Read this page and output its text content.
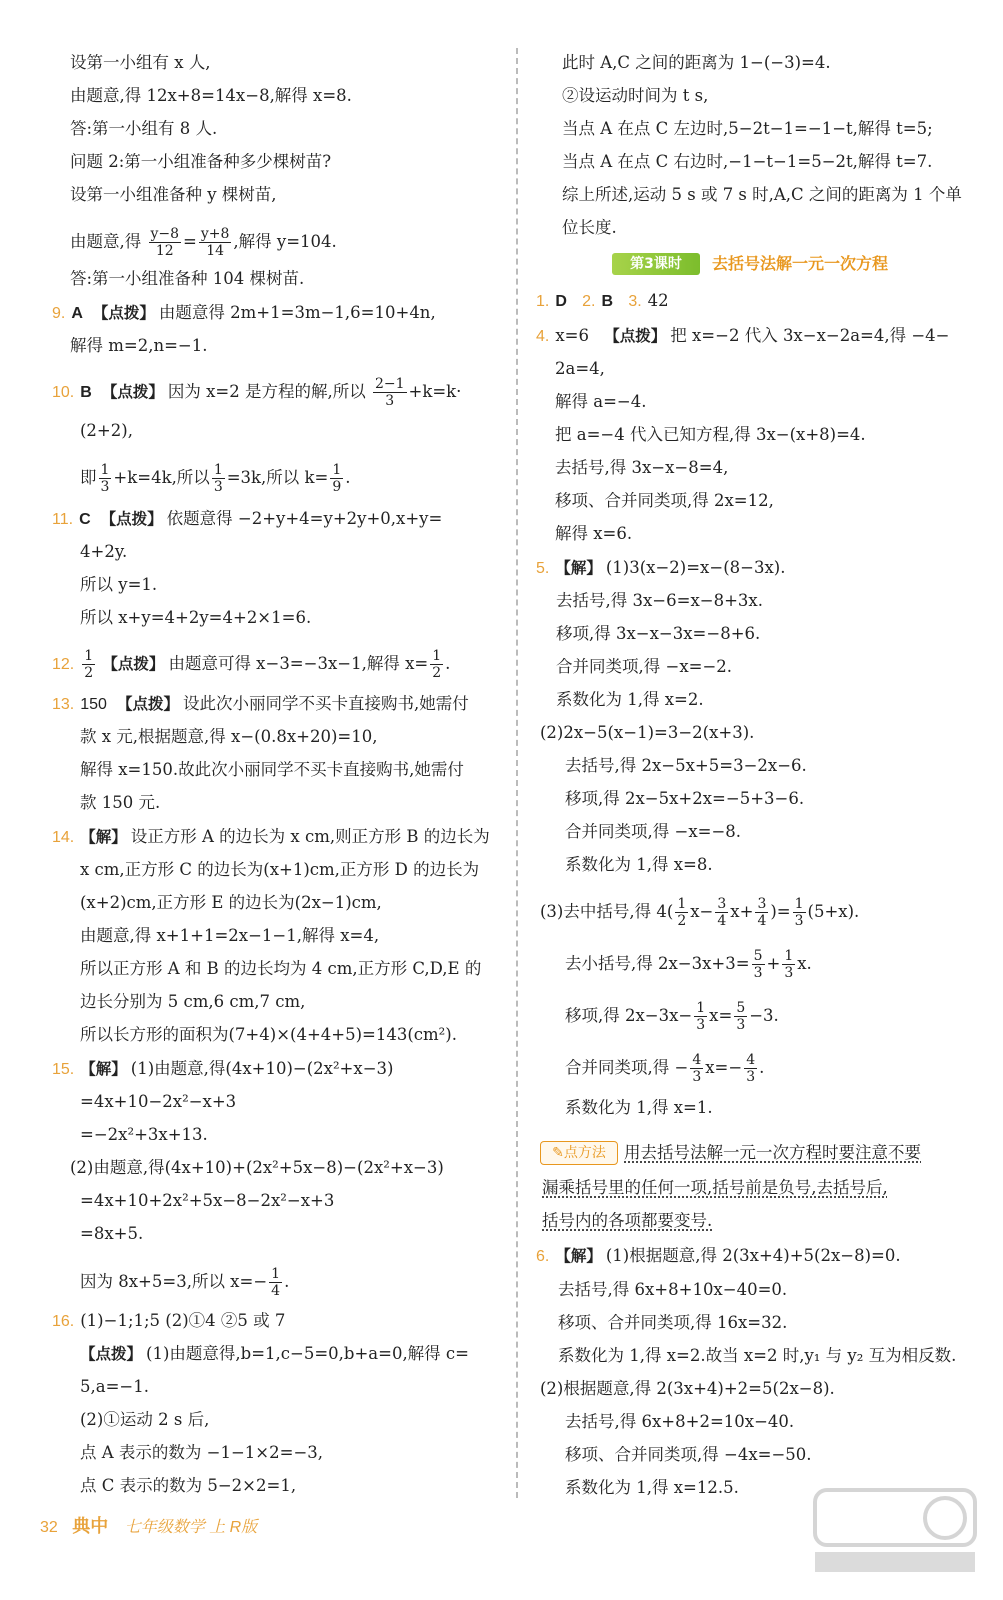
设第一小组有 x 人,
由题意,得 12x+8=14x−8,解得 x=8.
答:第一小组有 8 人.
问题 2:第一小组准备种多少棵树苗?
设第一小组准备种 y 棵树苗,
由题意,得 $\frac{y-8}{12} = \frac{y+8}{14}$ ,解得 y=104.
答:第一小组准备种 104 棵树苗.
9. A 【点拨】 由题意得 2m+1=3m−1,6=10+4n,
解得 m=2,n=−1.
10. B 【点拨】 因为 x=2 是方程的解,所以 $\frac{2-1}{3} +k=k\cdot$
(2+2),
即 $\frac{1}{3} +k=4k$,所以 $\frac{1}{3} =3k$,所以 $k= \frac{1}{9}$ .
11. C 【点拨】 依题意得 −2+y+4=y+2y+0,x+y=
4+2y.
所以 y=1.
所以 x+y=4+2y=4+2×1=6.
12. $\frac{1}{2}$ 【点拨】 由题意可得 x−3=−3x−1,解得 $x= \frac{1}{2}$ .
13. 150 【点拨】 设此次小丽同学不买卡直接购书,她需付
款 x 元,根据题意,得 x−(0.8x+20)=10,
解得 x=150.故此次小丽同学不买卡直接购书,她需付
款 150 元.
14. 【解】 设正方形 A 的边长为 x cm,则正方形 B 的边长为
x cm,正方形 C 的边长为(x+1)cm,正方形 D 的边长为
(x+2)cm,正方形 E 的边长为(2x−1)cm,
由题意,得 x+1+1=2x−1−1,解得 x=4,
所以正方形 A 和 B 的边长均为 4 cm,正方形 C,D,E 的
边长分别为 5 cm,6 cm,7 cm,
所以长方形的面积为(7+4)×(4+4+5)=143(cm²).
15. 【解】 (1)由题意,得(4x+10)−(2x²+x−3)
=4x+10−2x²−x+3
=−2x²+3x+13.
(2)由题意,得(4x+10)+(2x²+5x−8)−(2x²+x−3)
=4x+10+2x²+5x−8−2x²−x+3
=8x+5.
因为 8x+5=3,所以 $x=- \frac{1}{4}$ .
16. (1)−1;1;5 (2)①4 ②5 或 7
【点拨】 (1)由题意得,b=1,c−5=0,b+a=0,解得 c=
5,a=−1.
(2)①运动 2 s 后,
点 A 表示的数为 −1−1×2=−3,
点 C 表示的数为 5−2×2=1,
此时 A,C 之间的距离为 1−(−3)=4.
②设运动时间为 t s,
当点 A 在点 C 左边时,5−2t−1=−1−t,解得 t=5;
当点 A 在点 C 右边时,−1−t−1=5−2t,解得 t=7.
综上所述,运动 5 s 或 7 s 时,A,C 之间的距离为 1 个单
位长度.
第3课时	去括号法解一元一次方程
1. D 2. B 3. 42
4. x=6 【点拨】 把 x=−2 代入 3x−x−2a=4,得 −4−
2a=4,
解得 a=−4.
把 a=−4 代入已知方程,得 3x−(x+8)=4.
去括号,得 3x−x−8=4,
移项、合并同类项,得 2x=12,
解得 x=6.
5. 【解】 (1)3(x−2)=x−(8−3x).
去括号,得 3x−6=x−8+3x.
移项,得 3x−x−3x=−8+6.
合并同类项,得 −x=−2.
系数化为 1,得 x=2.
(2)2x−5(x−1)=3−2(x+3).
去括号,得 2x−5x+5=3−2x−6.
移项,得 2x−5x+2x=−5+3−6.
合并同类项,得 −x=−8.
系数化为 1,得 x=8.
(3)去中括号,得 $4( \frac{1}{2} x- \frac{3}{4} x+ \frac{3}{4}$ )= $\frac{1}{3} (5+x)$.
去小括号,得 $2x-3x+3= \frac{5}{3} + \frac{1}{3} x$.
移项,得 $2x-3x- \frac{1}{3} x= \frac{5}{3} -3$.
合并同类项,得 − $\frac{4}{3} x=- \frac{4}{3}$ .
系数化为 1,得 x=1.
✎点方法	用去括号法解一元一次方程时要注意不要
漏乘括号里的任何一项,括号前是负号,去括号后,
括号内的各项都要变号.
6. 【解】 (1)根据题意,得 2(3x+4)+5(2x−8)=0.
去括号,得 6x+8+10x−40=0.
移项、合并同类项,得 16x=32.
系数化为 1,得 x=2.故当 x=2 时,y₁ 与 y₂ 互为相反数.
(2)根据题意,得 2(3x+4)+2=5(2x−8).
去括号,得 6x+8+2=10x−40.
移项、合并同类项,得 −4x=−50.
系数化为 1,得 x=12.5.
32 典中 七年级数学 上 R版
